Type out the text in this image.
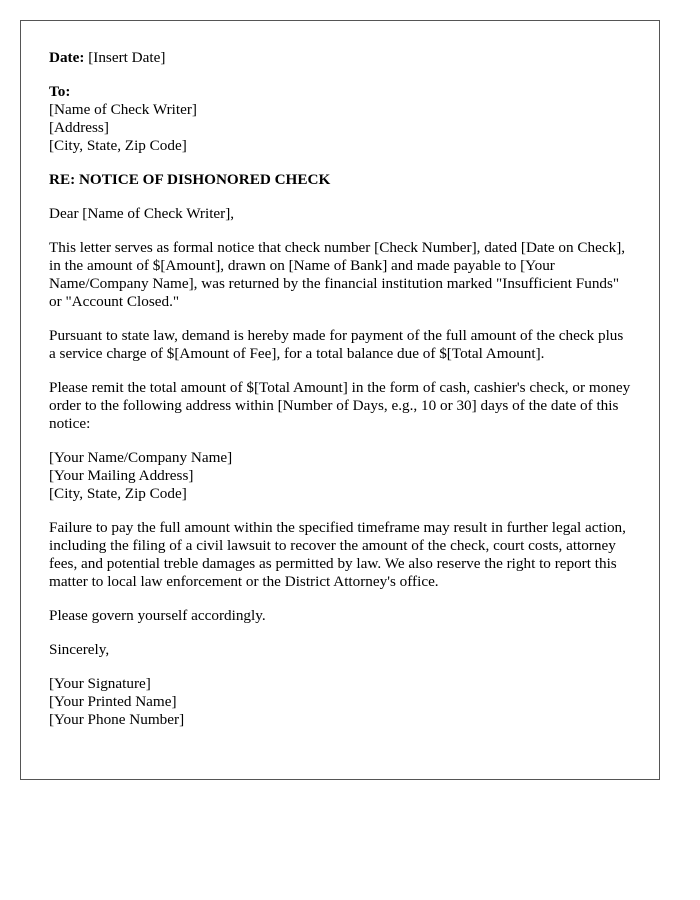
Date: [Insert Date]

To:
[Name of Check Writer]
[Address]
[City, State, Zip Code]

RE: NOTICE OF DISHONORED CHECK

Dear [Name of Check Writer],

This letter serves as formal notice that check number [Check Number], dated [Date on Check], in the amount of $[Amount], drawn on [Name of Bank] and made payable to [Your Name/Company Name], was returned by the financial institution marked "Insufficient Funds" or "Account Closed."

Pursuant to state law, demand is hereby made for payment of the full amount of the check plus a service charge of $[Amount of Fee], for a total balance due of $[Total Amount].

Please remit the total amount of $[Total Amount] in the form of cash, cashier's check, or money order to the following address within [Number of Days, e.g., 10 or 30] days of the date of this notice:

[Your Name/Company Name]
[Your Mailing Address]
[City, State, Zip Code]

Failure to pay the full amount within the specified timeframe may result in further legal action, including the filing of a civil lawsuit to recover the amount of the check, court costs, attorney fees, and potential treble damages as permitted by law. We also reserve the right to report this matter to local law enforcement or the District Attorney's office.

Please govern yourself accordingly.

Sincerely,

[Your Signature]
[Your Printed Name]
[Your Phone Number]
